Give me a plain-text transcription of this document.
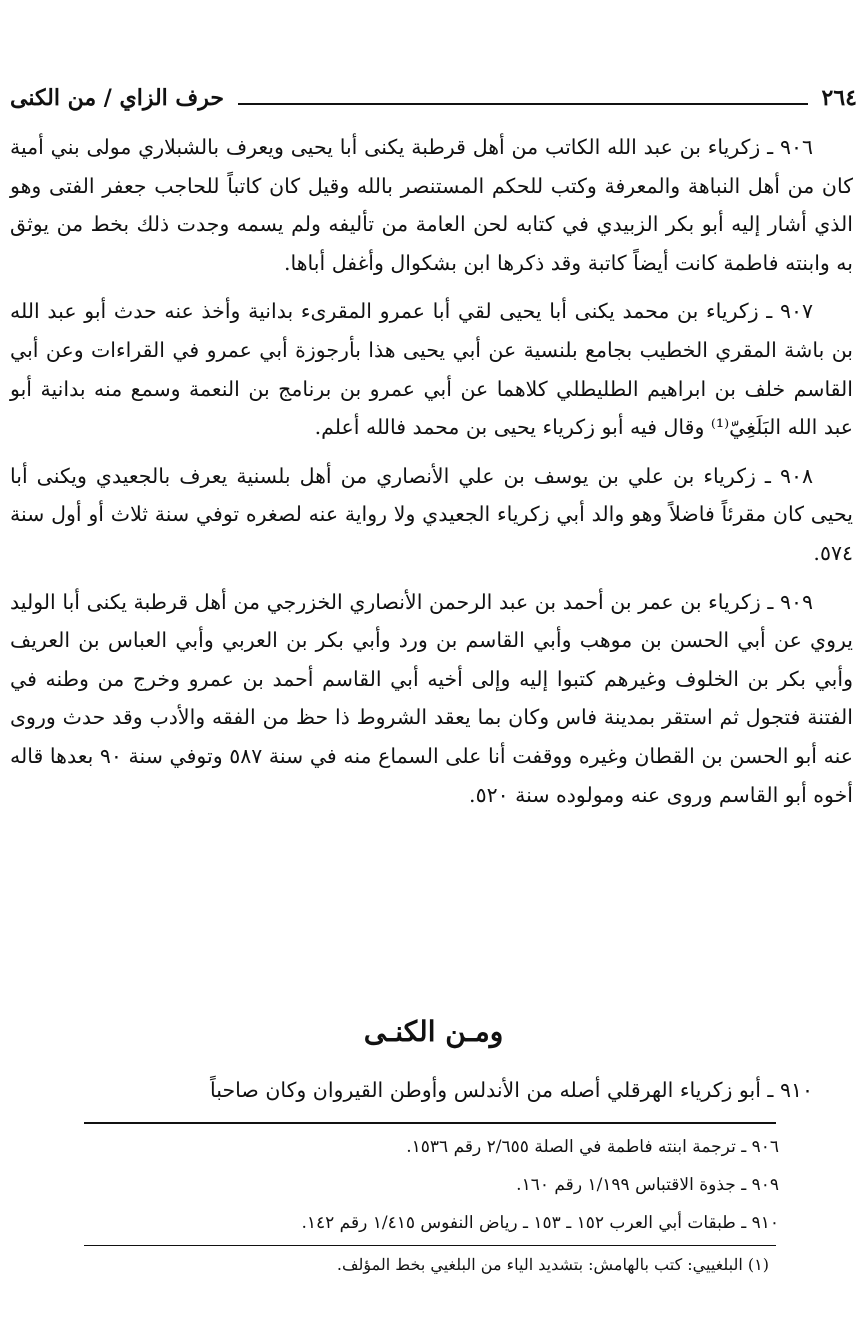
٢٦٤
حرف الزاي / من الكنى

٩٠٦ ـ زكرياء بن عبد الله الكاتب من أهل قرطبة يكنى أبا يحيى ويعرف بالشبلاري مولى بني أمية كان من أهل النباهة والمعرفة وكتب للحكم المستنصر بالله وقيل كان كاتباً للحاجب جعفر الفتى وهو الذي أشار إليه أبو بكر الزبيدي في كتابه لحن العامة من تأليفه ولم يسمه وجدت ذلك بخط من يوثق به وابنته فاطمة كانت أيضاً كاتبة وقد ذكرها ابن بشكوال وأغفل أباها.

٩٠٧ ـ زكرياء بن محمد يكنى أبا يحيى لقي أبا عمرو المقرىء بدانية وأخذ عنه حدث أبو عبد الله بن باشة المقري الخطيب بجامع بلنسية عن أبي يحيى هذا بأرجوزة أبي عمرو في القراءات وعن أبي القاسم خلف بن ابراهيم الطليطلي كلاهما عن أبي عمرو بن برنامج بن النعمة وسمع منه بدانية أبو عبد الله البَلَغِيّ⁽¹⁾ وقال فيه أبو زكرياء يحيى بن محمد فالله أعلم.

٩٠٨ ـ زكرياء بن علي بن يوسف بن علي الأنصاري من أهل بلسنية يعرف بالجعيدي ويكنى أبا يحيى كان مقرئاً فاضلاً وهو والد أبي زكرياء الجعيدي ولا رواية عنه لصغره توفي سنة ثلاث أو أول سنة ٥٧٤.

٩٠٩ ـ زكرياء بن عمر بن أحمد بن عبد الرحمن الأنصاري الخزرجي من أهل قرطبة يكنى أبا الوليد يروي عن أبي الحسن بن موهب وأبي القاسم بن ورد وأبي بكر بن العربي وأبي العباس بن العريف وأبي بكر بن الخلوف وغيرهم كتبوا إليه وإلى أخيه أبي القاسم أحمد بن عمرو وخرج من وطنه في الفتنة فتجول ثم استقر بمدينة فاس وكان بما يعقد الشروط ذا حظ من الفقه والأدب وقد حدث وروى عنه أبو الحسن بن القطان وغيره ووقفت أنا على السماع منه في سنة ٥٨٧ وتوفي سنة ٩٠ بعدها قاله أخوه أبو القاسم وروى عنه ومولوده سنة ٥٢٠.

ومـن الكنـى
٩١٠ ـ أبو زكرياء الهرقلي أصله من الأندلس وأوطن القيروان وكان صاحباً
٩٠٦ ـ ترجمة ابنته فاطمة في الصلة ٢/٦٥٥ رقم ١٥٣٦.
٩٠٩ ـ جذوة الاقتباس ١/١٩٩ رقم ١٦٠.
٩١٠ ـ طبقات أبي العرب ١٥٢ ـ ١٥٣ ـ رياض النفوس ١/٤١٥ رقم ١٤٢.
(١) البلغييي: كتب بالهامش: بتشديد الياء من البلغيي بخط المؤلف.
